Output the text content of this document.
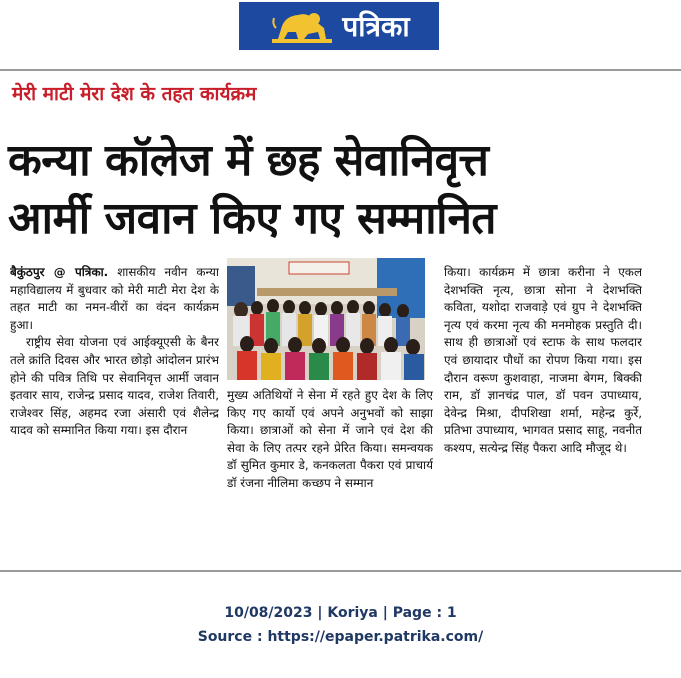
पत्रिका
मेरी माटी मेरा देश के तहत कार्यक्रम
कन्या कॉलेज में छह सेवानिवृत्त
आर्मी जवान किए गए सम्मानित

बैकुंठपुर @ पत्रिका. शासकीय नवीन कन्या महाविद्यालय में बुधवार को मेरी माटी मेरा देश के तहत माटी का नमन-वीरों का वंदन कार्यक्रम हुआ।

राष्ट्रीय सेवा योजना एवं आईक्यूएसी के बैनर तले क्रांति दिवस और भारत छोड़ो आंदोलन प्रारंभ होने की पवित्र तिथि पर सेवानिवृत्त आर्मी जवान इतवार साय, राजेन्द्र प्रसाद यादव, राजेश तिवारी, राजेश्वर सिंह, अहमद रजा अंसारी एवं शैलेन्द्र यादव को सम्मानित किया गया। इस दौरान

मुख्य अतिथियों ने सेना में रहते हुए देश के लिए किए गए कार्यो एवं अपने अनुभवों को साझा किया। छात्राओं को सेना में जाने एवं देश की सेवा के लिए तत्पर रहने प्रेरित किया। समन्वयक डॉ सुमित कुमार डे, कनकलता पैकरा एवं प्राचार्य डॉ रंजना नीलिमा कच्छप ने सम्मान

किया। कार्यक्रम में छात्रा करीना ने एकल देशभक्ति नृत्य, छात्रा सोना ने देशभक्ति कविता, यशोदा राजवाड़े एवं ग्रुप ने देशभक्ति नृत्य एवं करमा नृत्य की मनमोहक प्रस्तुति दी। साथ ही छात्राओं एवं स्टाफ के साथ फलदार एवं छायादार पौधों का रोपण किया गया। इस दौरान वरूण कुशवाहा, नाजमा बेगम, बिक्की राम, डॉ ज्ञानचंद्र पाल, डॉ पवन उपाध्याय, देवेन्द्र मिश्रा, दीपशिखा शर्मा, महेन्द्र कुर्रे, प्रतिभा उपाध्याय, भागवत प्रसाद साहू, नवनीत कश्यप, सत्येन्द्र सिंह पैकरा आदि मौजूद थे।

10/08/2023 | Koriya | Page : 1
Source : https://epaper.patrika.com/
